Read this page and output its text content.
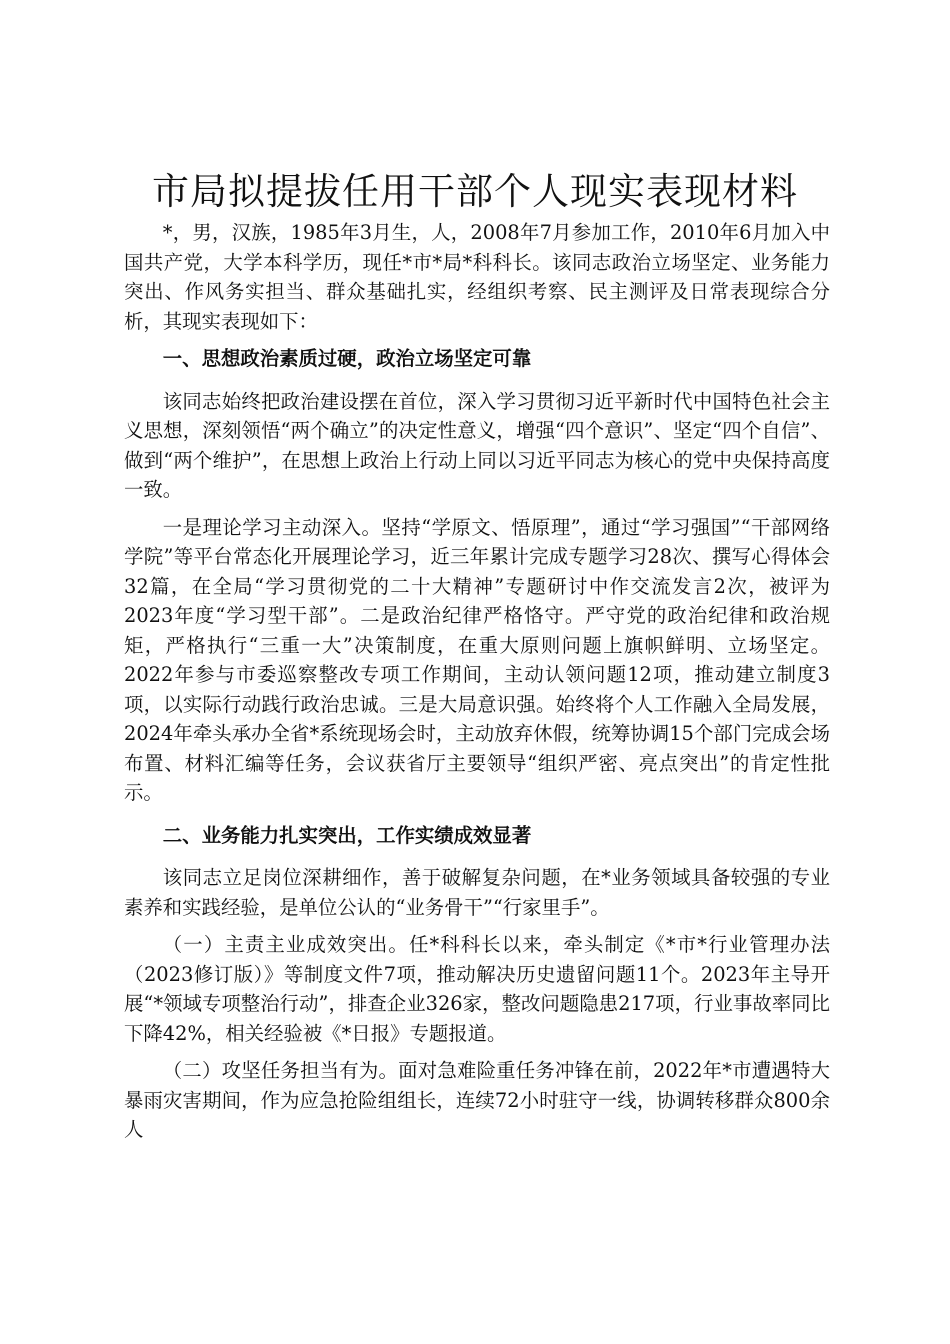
市局拟提拔任用干部个人现实表现材料

*，男，汉族，1985年3月生，人，2008年7月参加工作，2010年6月加入中国共产党，大学本科学历，现任*市*局*科科长。该同志政治立场坚定、业务能力突出、作风务实担当、群众基础扎实，经组织考察、民主测评及日常表现综合分析，其现实表现如下：

一、思想政治素质过硬，政治立场坚定可靠

该同志始终把政治建设摆在首位，深入学习贯彻习近平新时代中国特色社会主义思想，深刻领悟“两个确立”的决定性意义，增强“四个意识”、坚定“四个自信”、做到“两个维护”，在思想上政治上行动上同以习近平同志为核心的党中央保持高度一致。

一是理论学习主动深入。坚持“学原文、悟原理”，通过“学习强国”“干部网络学院”等平台常态化开展理论学习，近三年累计完成专题学习28次、撰写心得体会32篇，在全局“学习贯彻党的二十大精神”专题研讨中作交流发言2次，被评为2023年度“学习型干部”。二是政治纪律严格恪守。严守党的政治纪律和政治规矩，严格执行“三重一大”决策制度，在重大原则问题上旗帜鲜明、立场坚定。2022年参与市委巡察整改专项工作期间，主动认领问题12项，推动建立制度3项，以实际行动践行政治忠诚。三是大局意识强。始终将个人工作融入全局发展，2024年牵头承办全省*系统现场会时，主动放弃休假，统筹协调15个部门完成会场布置、材料汇编等任务，会议获省厅主要领导“组织严密、亮点突出”的肯定性批示。

二、业务能力扎实突出，工作实绩成效显著

该同志立足岗位深耕细作，善于破解复杂问题，在*业务领域具备较强的专业素养和实践经验，是单位公认的“业务骨干”“行家里手”。

（一）主责主业成效突出。任*科科长以来，牵头制定《*市*行业管理办法（2023修订版）》等制度文件7项，推动解决历史遗留问题11个。2023年主导开展“*领域专项整治行动”，排查企业326家，整改问题隐患217项，行业事故率同比下降42%，相关经验被《*日报》专题报道。

（二）攻坚任务担当有为。面对急难险重任务冲锋在前，2022年*市遭遇特大暴雨灾害期间，作为应急抢险组组长，连续72小时驻守一线，协调转移群众800余人
